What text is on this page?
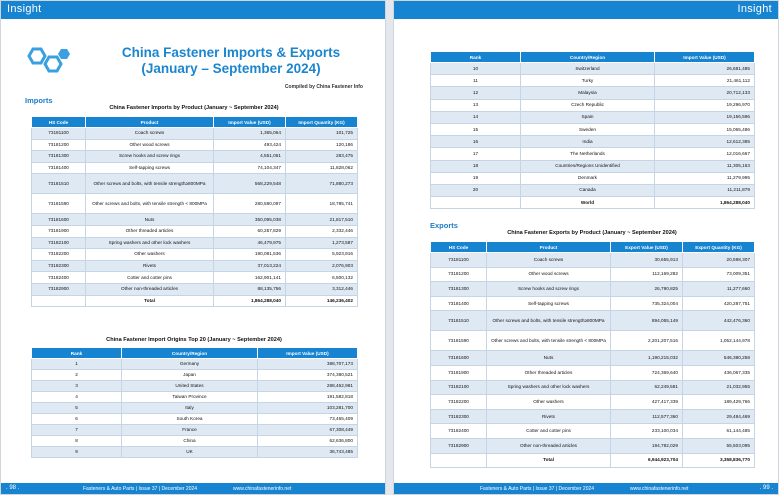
Insight
China Fastener Imports & Exports
(January – September 2024)
Compiled by China Fastener Info
Imports
China Fastener Imports by Product (January ~ September 2024)
HS Code	Product	Import Value (USD)	Import Quantity (KG)
73181100	Coach screws	1,365,064	101,725
73181200	Other wood screws	493,424	120,186
73181300	Screw hooks and screw rings	4,551,061	283,475
73181400	Self-tapping screws	74,104,347	11,828,062
73181510	Other screws and bolts, with tensile strength≥800MPa	568,229,548	71,880,273
73181590	Other screws and bolts, with tensile strength < 800MPa	280,580,097	18,785,741
73181600	Nuts	350,095,038	21,817,510
73181900	Other threaded articles	60,257,829	2,332,446
73182100	Spring washers and other lock washers	46,479,975	1,273,587
73182200	Other washers	190,081,536	5,923,916
73182300	Rivets	37,013,224	2,076,903
73182400	Cotter and cotter pins	162,901,141	6,500,132
73182900	Other non-threaded articles	88,135,756	3,312,446
	Total	1,864,288,040	146,236,402
China Fastener Import Origins Top 20 (January ~ September 2024)
Rank	Country/Region	Import Value (USD)
1	Germany	388,707,173
2	Japan	374,380,521
3	United States	288,462,981
4	Taiwan Province	191,582,818
5	Italy	103,281,700
6	South Korea	73,465,409
7	France	67,308,449
8	China	62,636,800
9	UK	36,743,485
. 98 .	Fasteners & Auto Parts | Issue 37 | December 2024	www.chinafastenerinfo.net
Insight
Rank	Country/Region	Import Value (USD)
10	Switzerland	26,681,485
11	Turky	21,461,112
12	Malaysia	20,712,133
13	Czech Republic	19,296,970
14	Spain	19,156,596
15	Sweden	15,065,486
16	India	12,612,385
17	The Netherlands	12,016,667
18	Countries/Regions Unidentified	11,305,163
19	Denmark	11,279,995
20	Canada	11,211,879
	World	1,864,288,040
Exports
China Fastener Exports by Product (January ~ September 2024)
HS Code	Product	Export Value (USD)	Export Quantity (KG)
73181100	Coach screws	30,655,913	20,598,307
73181200	Other wood screws	112,169,282	73,009,351
73181300	Screw hooks and screw rings	26,790,825	11,277,660
73181400	Self-tapping screws	735,324,004	420,287,751
73181510	Other screws and bolts, with tensile strength≥800MPa	894,055,149	442,476,360
73181590	Other screws and bolts, with tensile strength < 800MPa	2,201,207,516	1,052,144,978
73181600	Nuts	1,190,215,032	546,380,258
73181900	Other threaded articles	724,369,640	436,067,335
73182100	Spring washers and other lock washers	62,249,581	21,032,955
73182200	Other washers	427,417,339	189,429,766
73182300	Rivets	112,577,360	29,484,469
73182400	Cotter and cotter pins	233,100,034	61,144,485
73182900	Other non-threaded articles	194,782,029	55,503,095
	Total	6,944,923,704	3,358,836,770
Fasteners & Auto Parts | Issue 37 | December 2024	www.chinafastenerinfo.net	. 99 .
